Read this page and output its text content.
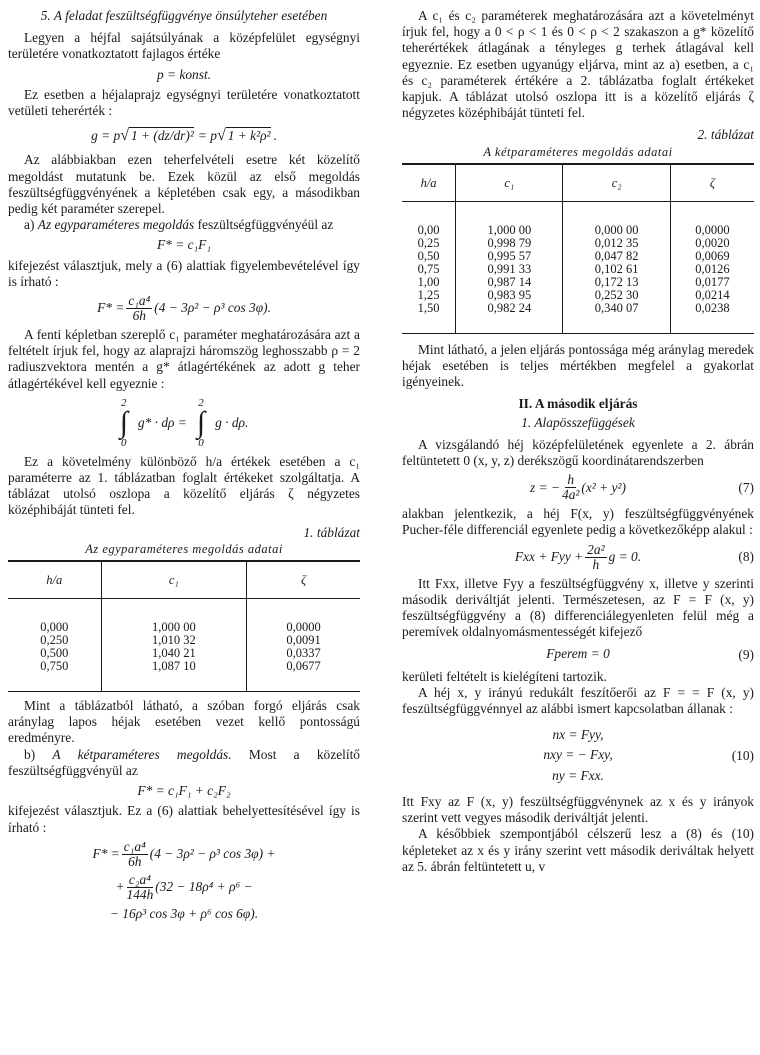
5. A feladat feszültségfüggvénye önsúlyteher esetében

Legyen a héjfal sajátsúlyának a középfelület egységnyi területére vonatkoztatott fajlagos értéke

p = konst.

Ez esetben a héjalaprajz egységnyi területére vonatkoztatott vetületi teherérték :

g = p √ 1 + (dz/dr)² = p √ 1 + k²ρ² .

Az alábbiakban ezen teherfelvételi esetre két közelítő megoldást mutatunk be. Ezek közül az első megoldás feszültségfüggvényének a képletében csak egy, a másodikban pedig két paraméter szerepel.

a) Az egyparaméteres megoldás feszültségfüggvényéül az

F* = c₁F₁

kifejezést választjuk, mely a (6) alattiak figyelembevételével így is írható :

$F* = \frac{\text{c₁a⁴}}{6h} (4 - 3\rho^2 - \rho^3$ cos 3φ).

A fenti képletban szereplő c₁ paraméter meghatározására azt a feltételt írjuk fel, hogy az alaprajzi háromszög leghosszabb ρ = 2 radiuszvektora mentén a g* átlagértékének az adott g teher átlagértékével kell egyeznie :

2
∫
0
g* · dρ =
2
∫
0
g · dρ.

Ez a követelmény különböző h/a értékek esetében a c₁ paraméterre az 1. táblázatban foglalt értékeket szolgáltatja. A táblázat utolsó oszlopa a közelítő eljárás ζ négyzetes középhibáját tünteti fel.

1. táblázat
Az egyparaméteres megoldás adatai
h/a	c₁	ζ
0,000	1,000 00	0,0000
0,250	1,010 32	0,0091
0,500	1,040 21	0,0337
0,750	1,087 10	0,0677

Mint a táblázatból látható, a szóban forgó eljárás csak aránylag lapos héjak esetében vezet kellő pontosságú eredményre.

b) A kétparaméteres megoldás. Most a közelítő feszültségfüggvényül az

F* = c₁F₁ + c₂F₂

kifejezést választjuk. Ez a (6) alattiak behelyettesítésével így is írható :

$F* = \frac{\text{c₁a⁴}}{6h} (4 - 3\rho^2 - \rho^3$ cos 3φ) +
+ $\frac{\text{c₂a⁴}}{144h} (32 - 18\rho^4 + \rho^6$ −
− 16ρ³ cos 3φ + ρ⁶ cos 6φ).

A c₁ és c₂ paraméterek meghatározására azt a követelményt írjuk fel, hogy a 0 < ρ < 1 és 0 < ρ < 2 szakaszon a g* közelítő teherértékek átlagának a tényleges g terhek átlagával kell egyeznie. Ez esetben ugyanúgy eljárva, mint az a) esetben, a c₁ és c₂ paraméterek értékére a 2. táblázatba foglalt értékeket kapjuk. A táblázat utolsó oszlopa itt is a közelítő eljárás ζ négyzetes középhibáját tünteti fel.

2. táblázat
A kétparaméteres megoldás adatai
h/a	c₁	c₂	ζ
0,00	1,000 00	0,000 00	0,0000
0,25	0,998 79	0,012 35	0,0020
0,50	0,995 57	0,047 82	0,0069
0,75	0,991 33	0,102 61	0,0126
1,00	0,987 14	0,172 13	0,0177
1,25	0,983 95	0,252 30	0,0214
1,50	0,982 24	0,340 07	0,0238

Mint látható, a jelen eljárás pontossága még aránylag meredek héjak esetében is teljes mértékben megfelel a gyakorlat igényeinek.

II. A második eljárás
1. Alapösszefüggések

A vizsgálandó héj középfelületének egyenlete a 2. ábrán feltüntetett 0 (x, y, z) derékszögű koordinátarendszerben

z = − $\frac{h}{\text{4a²}} (x^2 + y^2)$	(7)

alakban jelentkezik, a héj F(x, y) feszültségfüggvényének Pucher-féle differenciál egyenlete pedig a következőképp alakul :

Fxx + Fyy + $\frac{\text{2a²}}{h}$ g = 0.	(8)

Itt Fxx, illetve Fyy a feszültségfüggvény x, illetve y szerinti második deriváltját jelenti. Természetesen, az F = F (x, y) feszültségfüggvény a (8) differenciálegyenleten felül még a peremívek oldalnyomásmentességét kifejező

Fperem = 0	(9)

kerületi feltételt is kielégíteni tartozik.

A héj x, y irányú redukált feszítőerői az F = = F (x, y) feszültségfüggvénnyel az alábbi ismert kapcsolatban állanak :

nx = Fyy,
nxy = − Fxy,
ny = Fxx.
(10)

Itt Fxy az F (x, y) feszültségfüggvénynek az x és y irányok szerint vett vegyes második deriváltját jelenti.

A későbbiek szempontjából célszerű lesz a (8) és (10) képleteket az x és y irány szerint vett második deriváltak helyett az 5. ábrán feltüntetett u, v
